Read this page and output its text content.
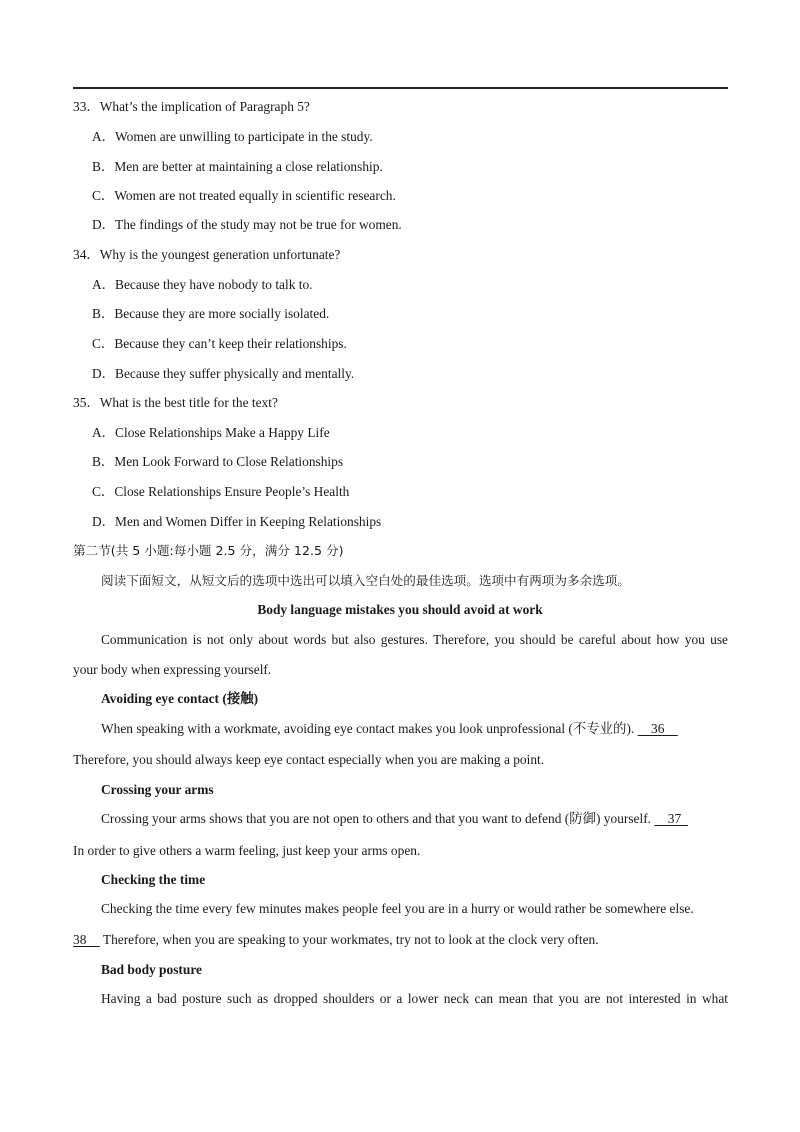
33．What’s the implication of Paragraph 5?
A．Women are unwilling to participate in the study.
B．Men are better at maintaining a close relationship.
C．Women are not treated equally in scientific research.
D．The findings of the study may not be true for women.
34．Why is the youngest generation unfortunate?
A．Because they have nobody to talk to.
B．Because they are more socially isolated.
C．Because they can’t keep their relationships.
D．Because they suffer physically and mentally.
35．What is the best title for the text?
A．Close Relationships Make a Happy Life
B．Men Look Forward to Close Relationships
C．Close Relationships Ensure People’s Health
D．Men and Women Differ in Keeping Relationships
第二节(共 5 小题:每小题 2.5 分，满分 12.5 分)
阅读下面短文，从短文后的选项中选出可以填入空白处的最佳选项。选项中有两项为多余选项。
Body language mistakes you should avoid at work
Communication is not only about words but also gestures. Therefore, you should be careful about how you use
your body when expressing yourself.
Avoiding eye contact (接触)
When speaking with a workmate, avoiding eye contact makes you look unprofessional (不专业的).     36
Therefore, you should always keep eye contact especially when you are making a point.
Crossing your arms
Crossing your arms shows that you are not open to others and that you want to defend (防御) yourself.     37
In order to give others a warm feeling, just keep your arms open.
Checking the time
Checking the time every few minutes makes people feel you are in a hurry or would rather be somewhere else.
38     Therefore, when you are speaking to your workmates, try not to look at the clock very often.
Bad body posture
Having a bad posture such as dropped shoulders or a lower neck can mean that you are not interested in what
